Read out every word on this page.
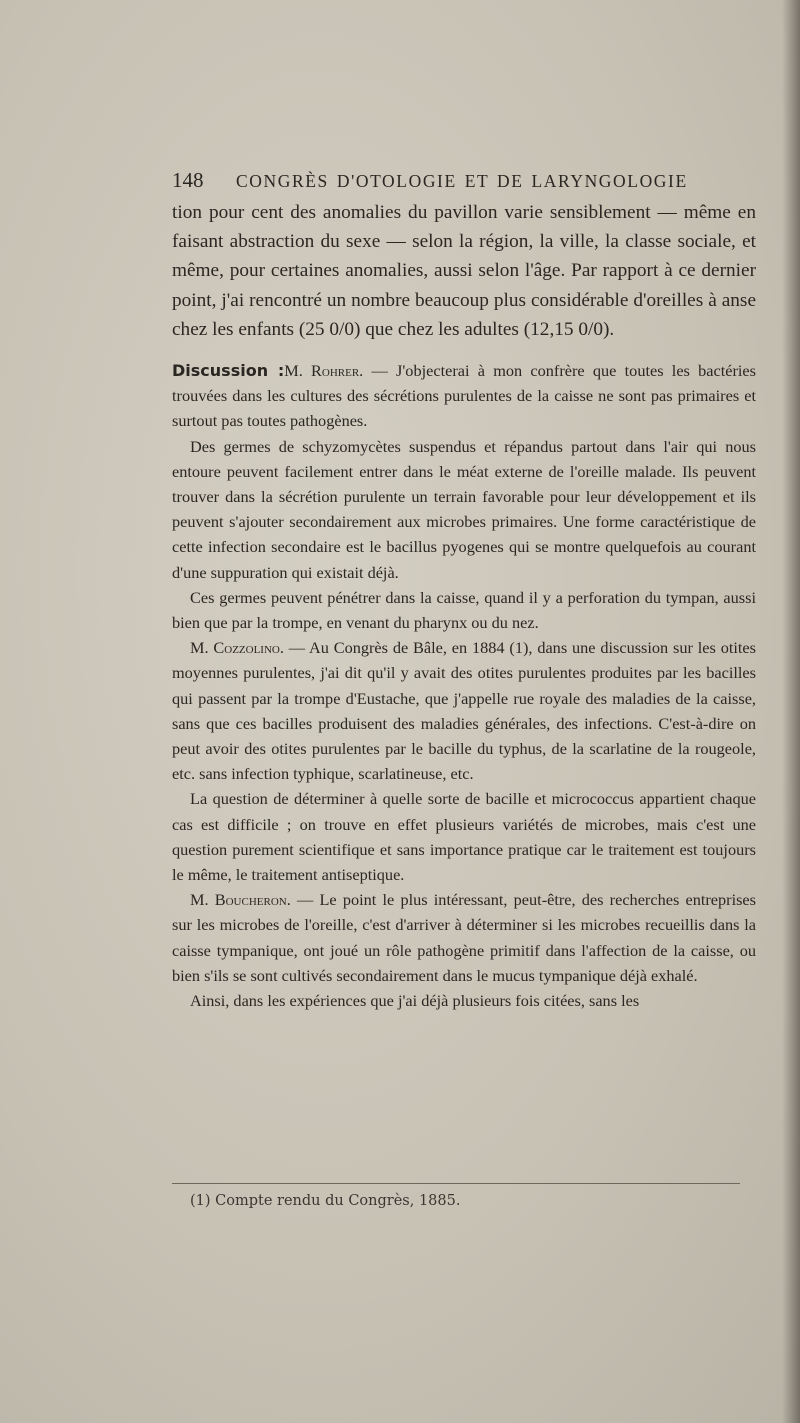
148	CONGRÈS D'OTOLOGIE ET DE LARYNGOLOGIE

tion pour cent des anomalies du pavillon varie sensiblement — même en faisant abstraction du sexe — selon la région, la ville, la classe sociale, et même, pour certaines anomalies, aussi selon l'âge. Par rapport à ce dernier point, j'ai rencontré un nombre beaucoup plus considérable d'oreilles à anse chez les enfants (25 0/0) que chez les adultes (12,15 0/0).

Discussion :M. Rohrer. — J'objecterai à mon confrère que toutes les bactéries trouvées dans les cultures des sécrétions purulentes de la caisse ne sont pas primaires et surtout pas toutes pathogènes.

Des germes de schyzomycètes suspendus et répandus partout dans l'air qui nous entoure peuvent facilement entrer dans le méat externe de l'oreille malade. Ils peuvent trouver dans la sécrétion purulente un terrain favorable pour leur développement et ils peuvent s'ajouter secondairement aux microbes primaires. Une forme caractéristique de cette infection secondaire est le bacillus pyogenes qui se montre quelquefois au courant d'une suppuration qui existait déjà.

Ces germes peuvent pénétrer dans la caisse, quand il y a perforation du tympan, aussi bien que par la trompe, en venant du pharynx ou du nez.

M. Cozzolino. — Au Congrès de Bâle, en 1884 (1), dans une discussion sur les otites moyennes purulentes, j'ai dit qu'il y avait des otites purulentes produites par les bacilles qui passent par la trompe d'Eustache, que j'appelle rue royale des maladies de la caisse, sans que ces bacilles produisent des maladies générales, des infections. C'est-à-dire on peut avoir des otites purulentes par le bacille du typhus, de la scarlatine de la rougeole, etc. sans infection typhique, scarlatineuse, etc.

La question de déterminer à quelle sorte de bacille et micrococcus appartient chaque cas est difficile ; on trouve en effet plusieurs variétés de microbes, mais c'est une question purement scientifique et sans importance pratique car le traitement est toujours le même, le traitement antiseptique.

M. Boucheron. — Le point le plus intéressant, peut-être, des recherches entreprises sur les microbes de l'oreille, c'est d'arriver à déterminer si les microbes recueillis dans la caisse tympanique, ont joué un rôle pathogène primitif dans l'affection de la caisse, ou bien s'ils se sont cultivés secondairement dans le mucus tympanique déjà exhalé.

Ainsi, dans les expériences que j'ai déjà plusieurs fois citées, sans les

(1) Compte rendu du Congrès, 1885.
